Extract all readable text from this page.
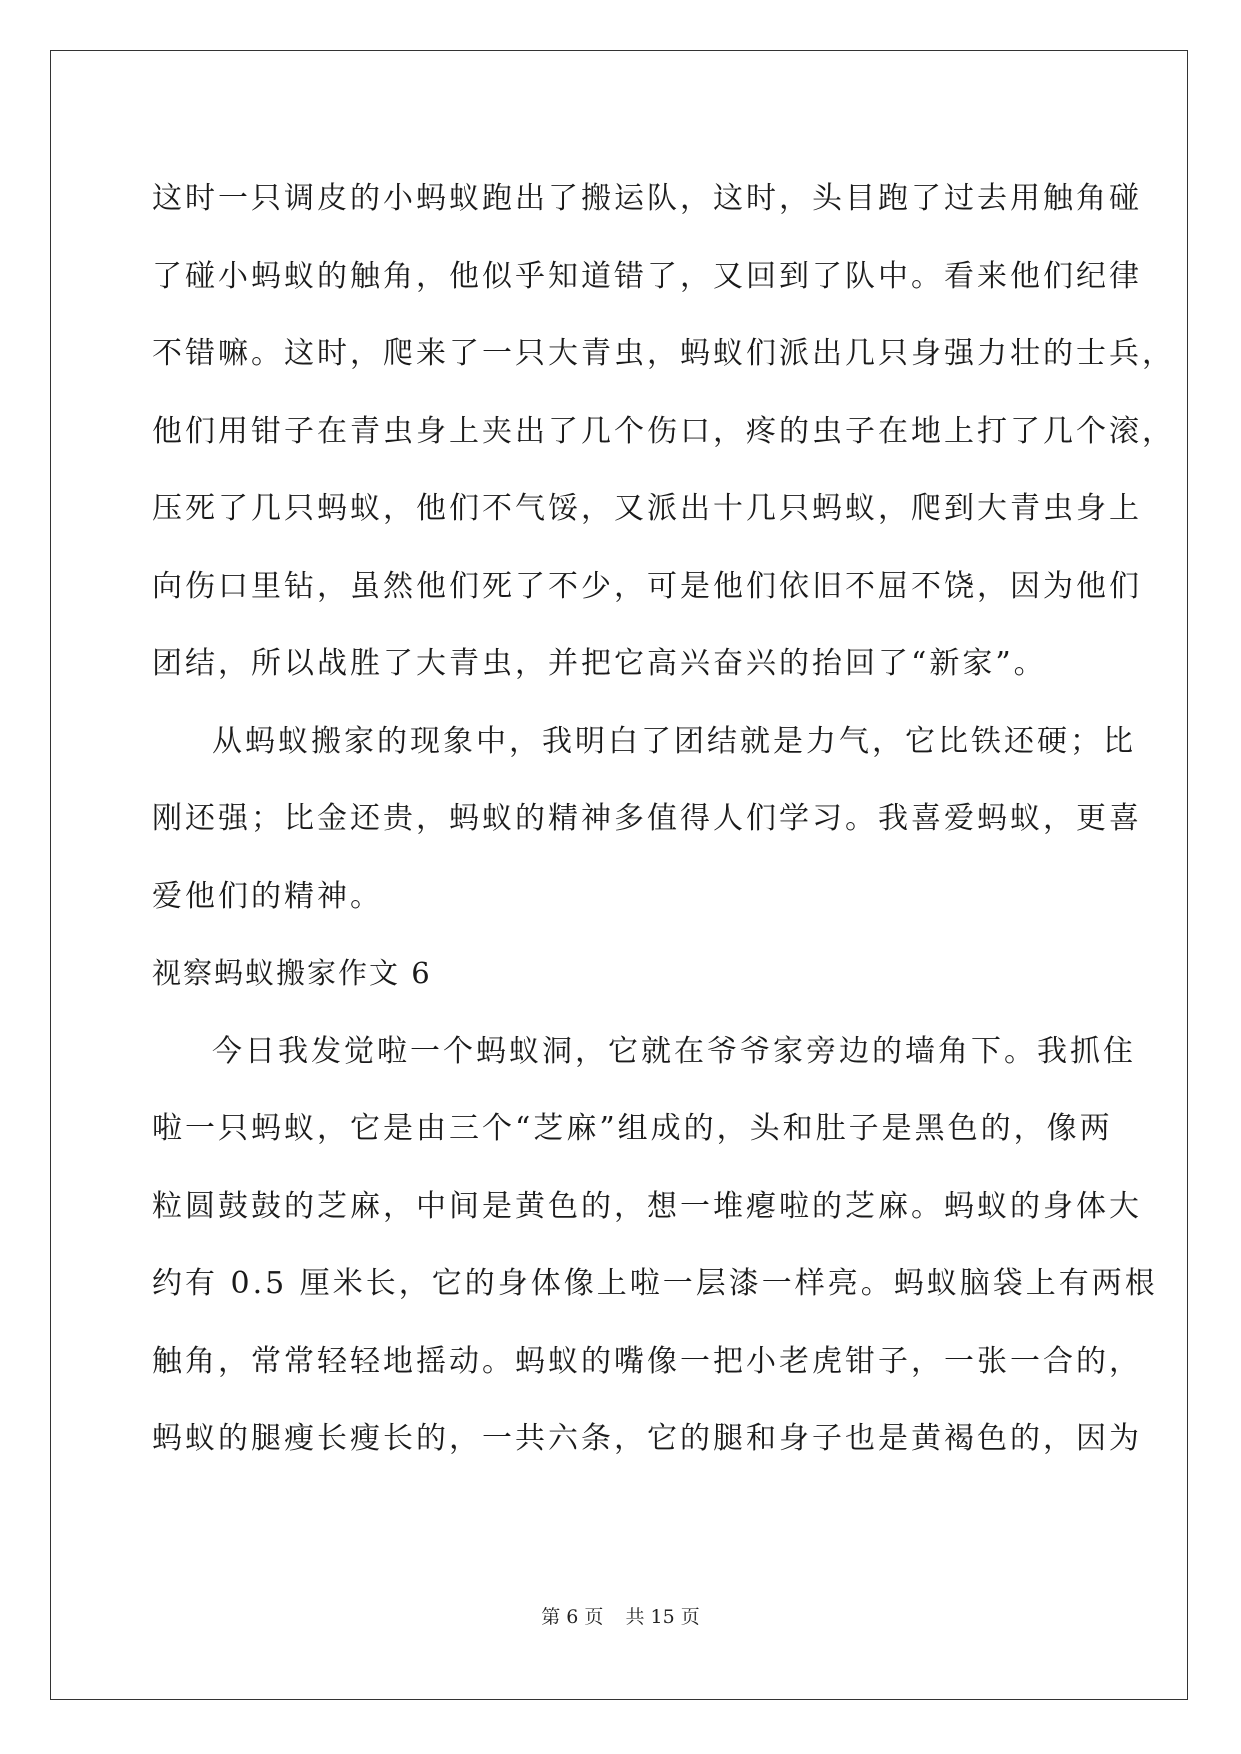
这时一只调皮的小蚂蚁跑出了搬运队，这时，头目跑了过去用触角碰
了碰小蚂蚁的触角，他似乎知道错了，又回到了队中。看来他们纪律
不错嘛。这时，爬来了一只大青虫，蚂蚁们派出几只身强力壮的士兵，
他们用钳子在青虫身上夹出了几个伤口，疼的虫子在地上打了几个滚，
压死了几只蚂蚁，他们不气馁，又派出十几只蚂蚁，爬到大青虫身上
向伤口里钻，虽然他们死了不少，可是他们依旧不屈不饶，因为他们
团结，所以战胜了大青虫，并把它高兴奋兴的抬回了“新家”。
从蚂蚁搬家的现象中，我明白了团结就是力气，它比铁还硬；比
刚还强；比金还贵，蚂蚁的精神多值得人们学习。我喜爱蚂蚁，更喜
爱他们的精神。
视察蚂蚁搬家作文 6
今日我发觉啦一个蚂蚁洞，它就在爷爷家旁边的墙角下。我抓住
啦一只蚂蚁，它是由三个“芝麻”组成的，头和肚子是黑色的，像两
粒圆鼓鼓的芝麻，中间是黄色的，想一堆瘪啦的芝麻。蚂蚁的身体大
约有 0.5 厘米长，它的身体像上啦一层漆一样亮。蚂蚁脑袋上有两根
触角，常常轻轻地摇动。蚂蚁的嘴像一把小老虎钳子，一张一合的，
蚂蚁的腿瘦长瘦长的，一共六条，它的腿和身子也是黄褐色的，因为
第 6 页 共 15 页
